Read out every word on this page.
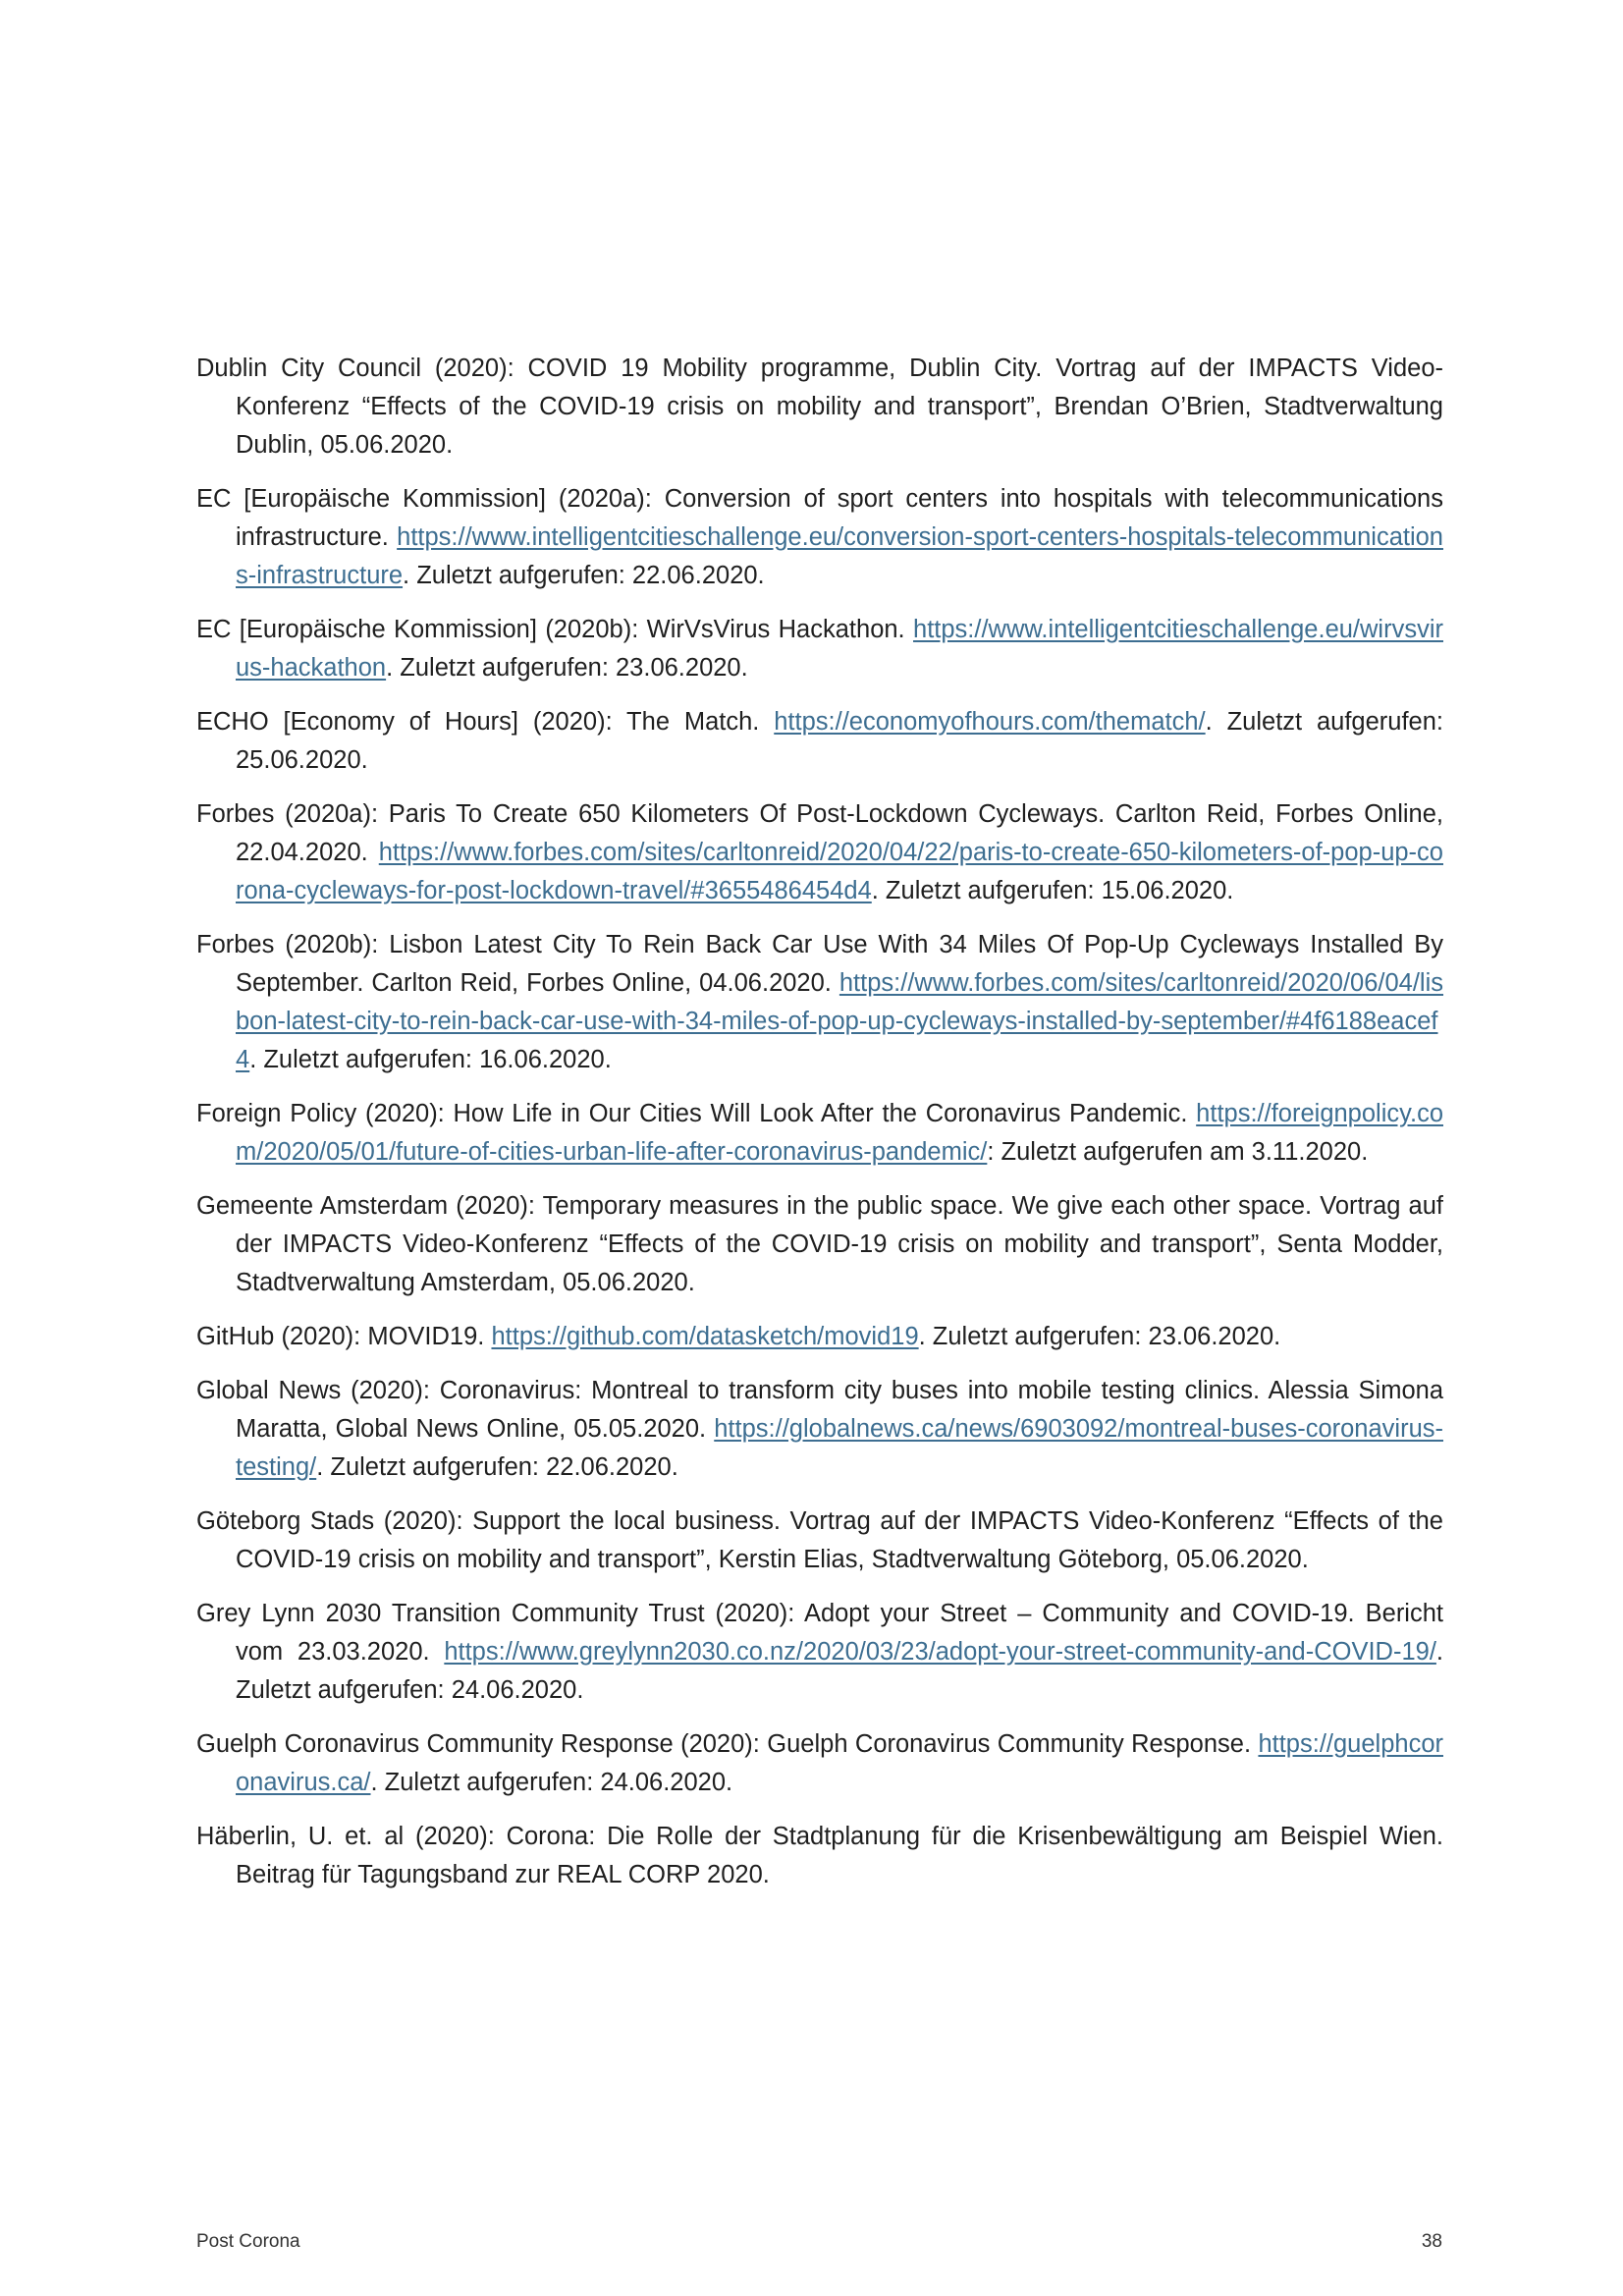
Dublin City Council (2020): COVID 19 Mobility programme, Dublin City. Vortrag auf der IMPACTS Video-Konferenz “Effects of the COVID-19 crisis on mobility and transport”, Brendan O’Brien, Stadtverwaltung Dublin, 05.06.2020.

EC [Europäische Kommission] (2020a): Conversion of sport centers into hospitals with telecommunications infrastructure. https://www.intelligentcitieschallenge.eu/conversion-sport-centers-hospitals-telecommunications-infrastructure. Zuletzt aufgerufen: 22.06.2020.

EC [Europäische Kommission] (2020b): WirVsVirus Hackathon. https://www.intelligentcitieschallenge.eu/wirvsvirus-hackathon. Zuletzt aufgerufen: 23.06.2020.

ECHO [Economy of Hours] (2020): The Match. https://economyofhours.com/thematch/. Zuletzt aufgerufen: 25.06.2020.

Forbes (2020a): Paris To Create 650 Kilometers Of Post-Lockdown Cycleways. Carlton Reid, Forbes Online, 22.04.2020. https://www.forbes.com/sites/carltonreid/2020/04/22/paris-to-create-650-kilometers-of-pop-up-corona-cycleways-for-post-lockdown-travel/#3655486454d4. Zuletzt aufgerufen: 15.06.2020.

Forbes (2020b): Lisbon Latest City To Rein Back Car Use With 34 Miles Of Pop-Up Cycleways Installed By September. Carlton Reid, Forbes Online, 04.06.2020. https://www.forbes.com/sites/carltonreid/2020/06/04/lisbon-latest-city-to-rein-back-car-use-with-34-miles-of-pop-up-cycleways-installed-by-september/#4f6188eacef4. Zuletzt aufgerufen: 16.06.2020.

Foreign Policy (2020): How Life in Our Cities Will Look After the Coronavirus Pandemic. https://foreignpolicy.com/2020/05/01/future-of-cities-urban-life-after-coronavirus-pandemic/: Zuletzt aufgerufen am 3.11.2020.

Gemeente Amsterdam (2020): Temporary measures in the public space. We give each other space. Vortrag auf der IMPACTS Video-Konferenz “Effects of the COVID-19 crisis on mobility and transport”, Senta Modder, Stadtverwaltung Amsterdam, 05.06.2020.

GitHub (2020): MOVID19. https://github.com/datasketch/movid19. Zuletzt aufgerufen: 23.06.2020.

Global News (2020): Coronavirus: Montreal to transform city buses into mobile testing clinics. Alessia Simona Maratta, Global News Online, 05.05.2020. https://globalnews.ca/news/6903092/montreal-buses-coronavirus-testing/. Zuletzt aufgerufen: 22.06.2020.

Göteborg Stads (2020): Support the local business. Vortrag auf der IMPACTS Video-Konferenz “Effects of the COVID-19 crisis on mobility and transport”, Kerstin Elias, Stadtverwaltung Göteborg, 05.06.2020.

Grey Lynn 2030 Transition Community Trust (2020): Adopt your Street – Community and COVID-19. Bericht vom 23.03.2020. https://www.greylynn2030.co.nz/2020/03/23/adopt-your-street-community-and-COVID-19/. Zuletzt aufgerufen: 24.06.2020.

Guelph Coronavirus Community Response (2020): Guelph Coronavirus Community Response. https://guelphcoronavirus.ca/. Zuletzt aufgerufen: 24.06.2020.

Häberlin, U. et. al (2020): Corona: Die Rolle der Stadtplanung für die Krisenbewältigung am Beispiel Wien. Beitrag für Tagungsband zur REAL CORP 2020.

Post Corona	38
